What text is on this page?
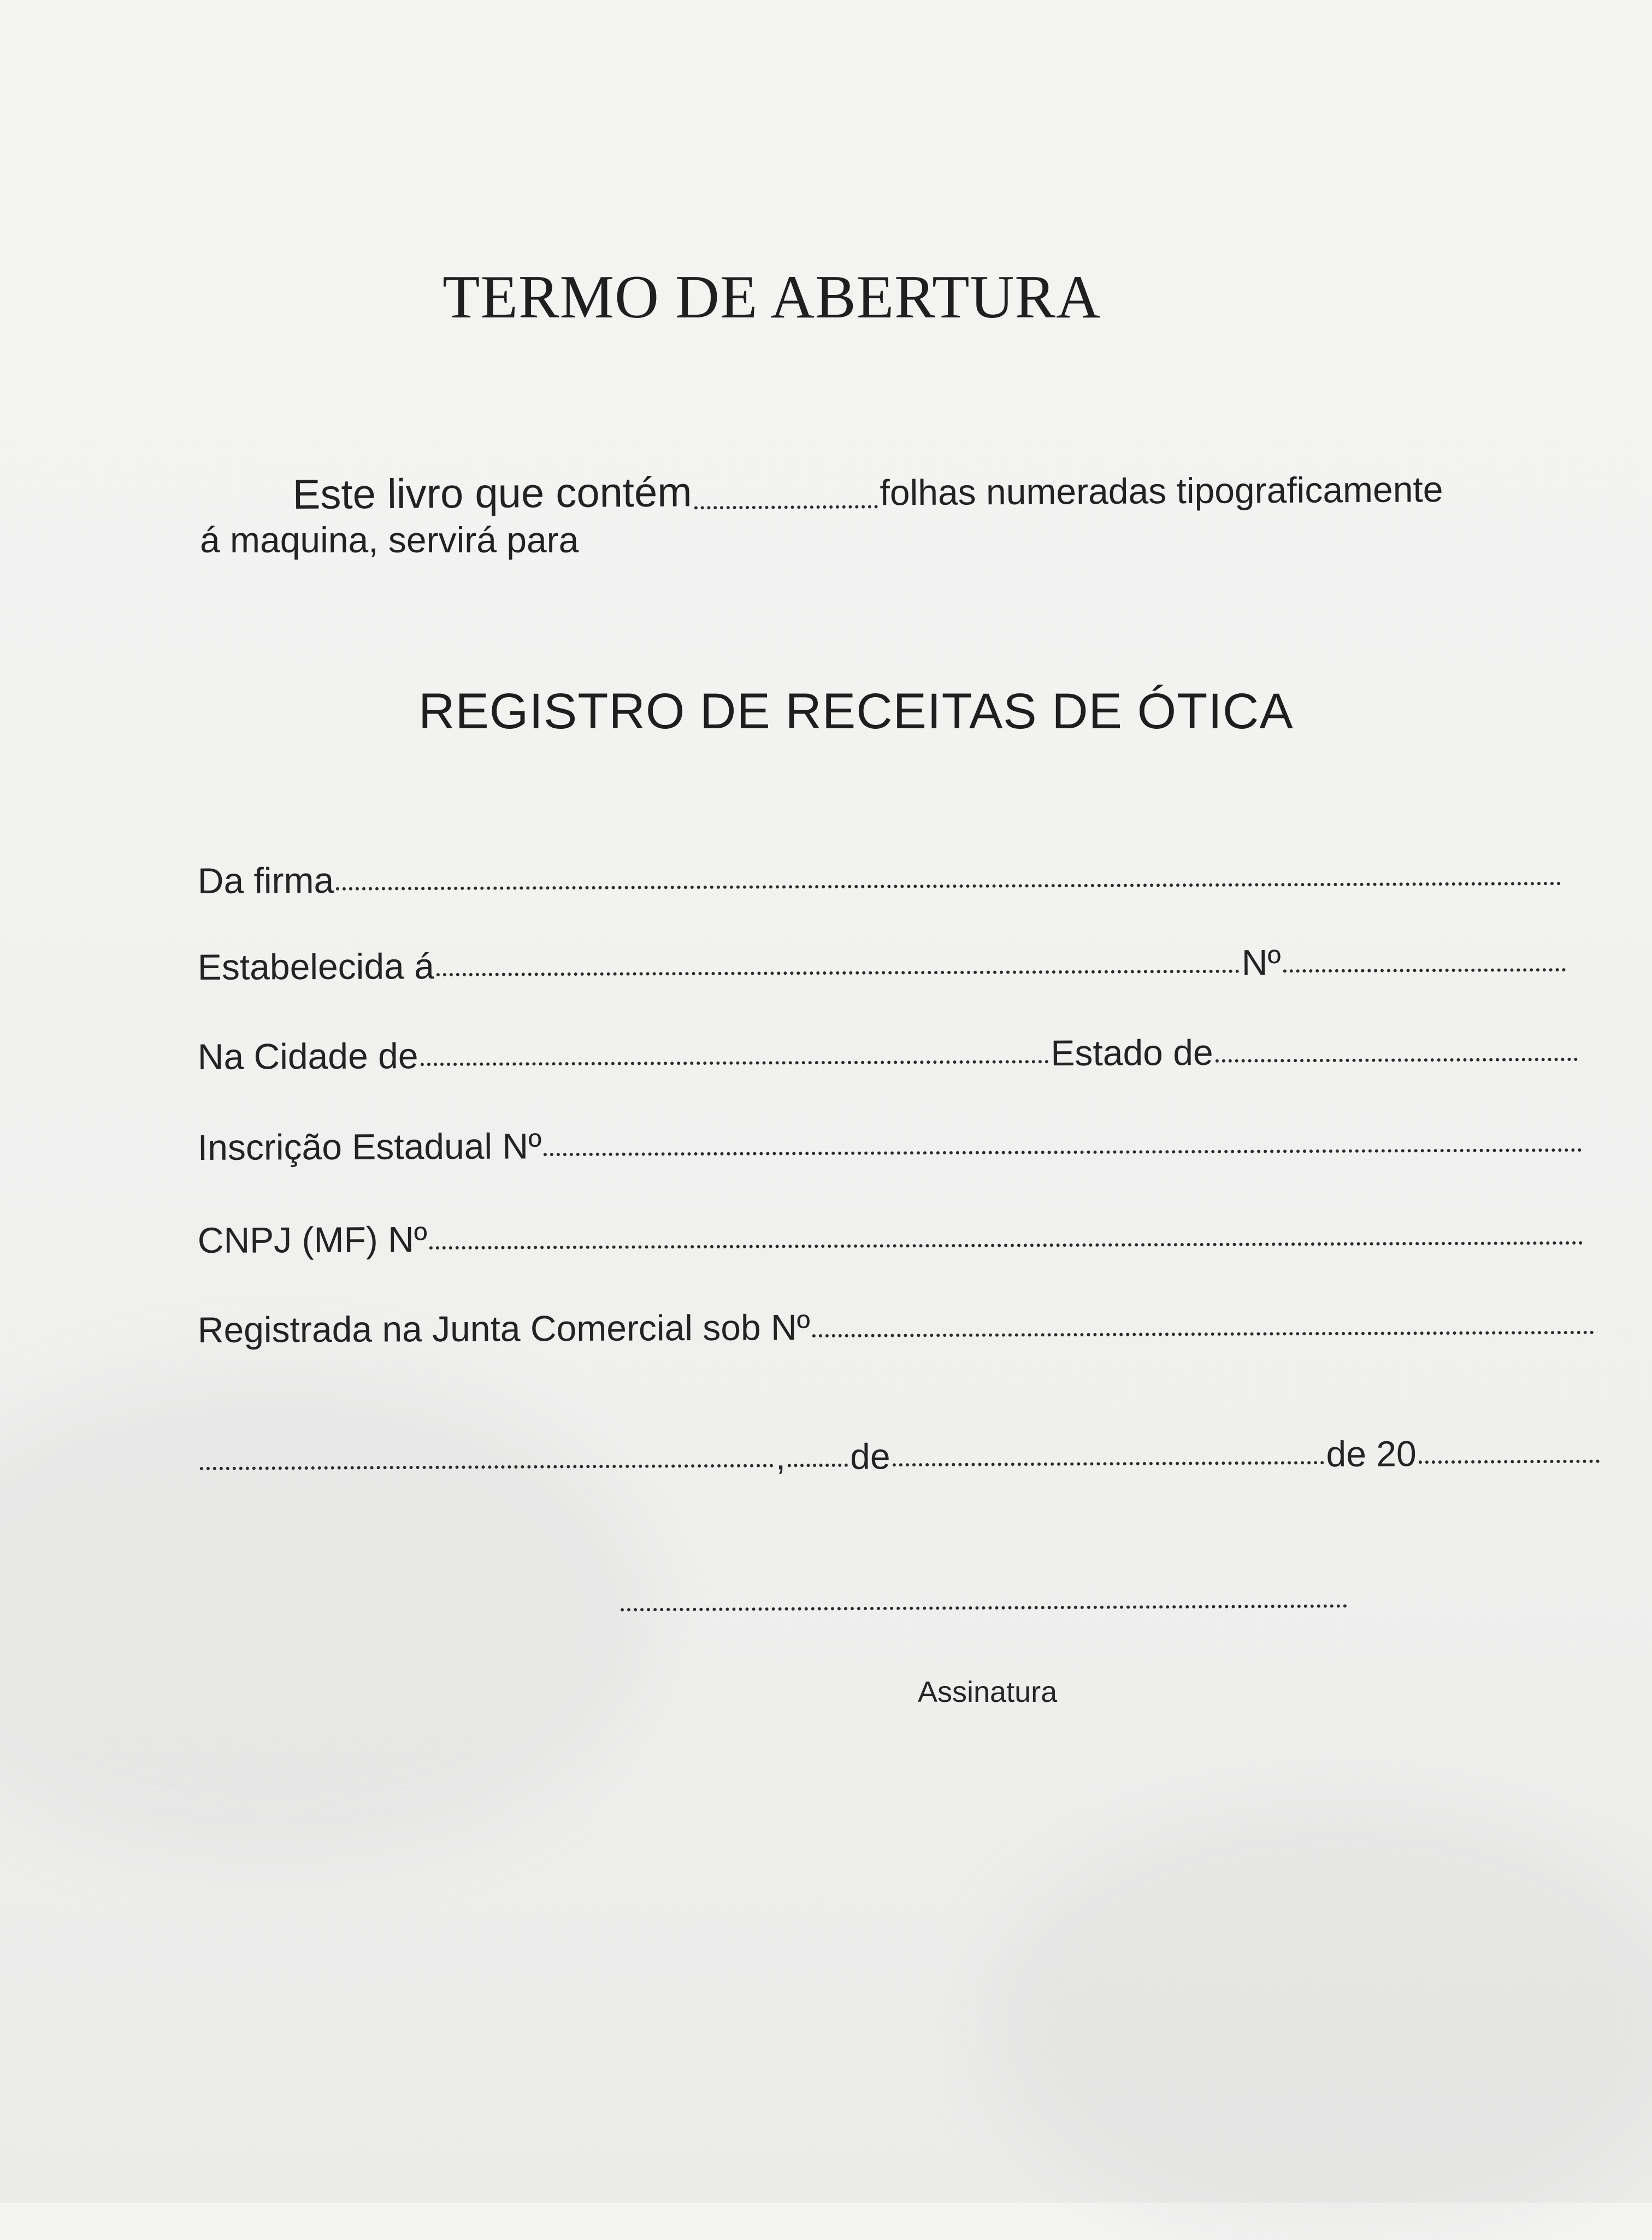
TERMO DE ABERTURA
Este livro que contém	folhas numeradas tipograficamente
á maquina, servirá para
REGISTRO DE RECEITAS DE ÓTICA
Da firma
Estabelecida á	Nº
Na Cidade de	Estado de
Inscrição Estadual Nº
CNPJ (MF) Nº
Registrada na Junta Comercial sob Nº
, de	de 20
Assinatura
